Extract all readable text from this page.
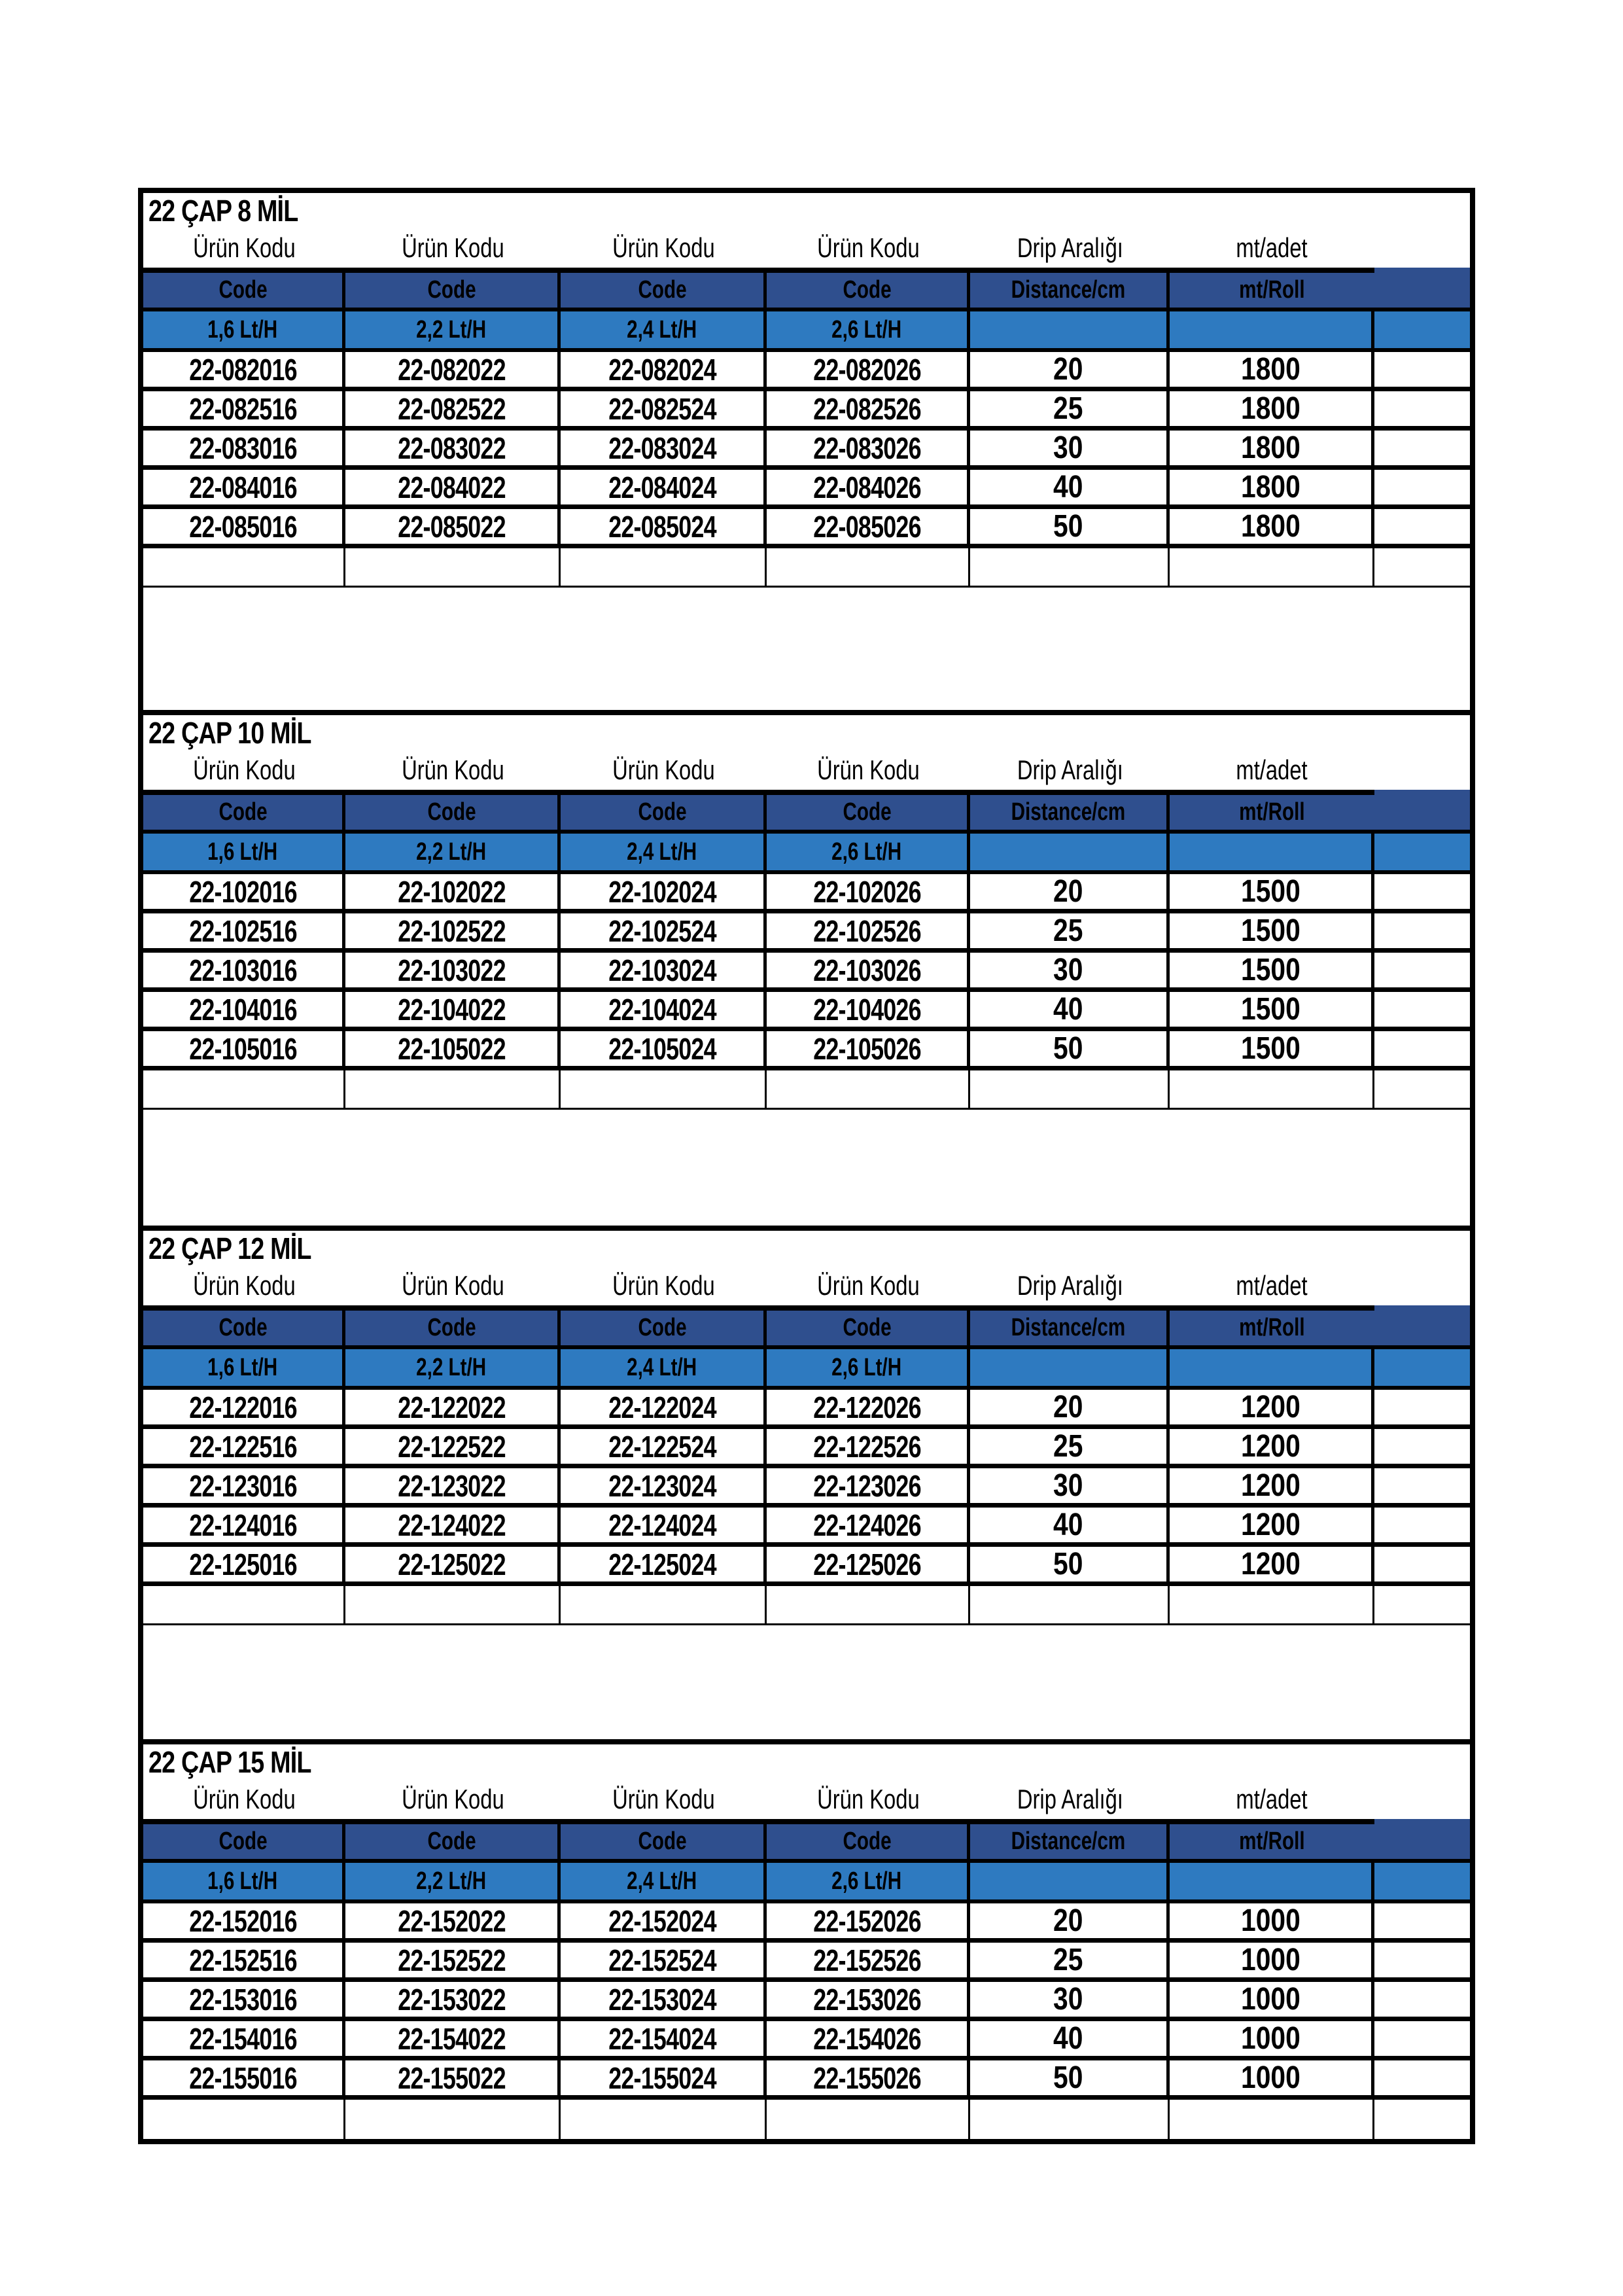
22 ÇAP 8 MİL
Ürün Kodu	Ürün Kodu	Ürün Kodu	Ürün Kodu	Drip Aralığı	mt/adet
Code	Code	Code	Code	Distance/cm	mt/Roll
1,6 Lt/H	2,2 Lt/H	2,4 Lt/H	2,6 Lt/H
22-082016	22-082022	22-082024	22-082026	20	1800
22-082516	22-082522	22-082524	22-082526	25	1800
22-083016	22-083022	22-083024	22-083026	30	1800
22-084016	22-084022	22-084024	22-084026	40	1800
22-085016	22-085022	22-085024	22-085026	50	1800
22 ÇAP 10 MİL
Ürün Kodu	Ürün Kodu	Ürün Kodu	Ürün Kodu	Drip Aralığı	mt/adet
Code	Code	Code	Code	Distance/cm	mt/Roll
1,6 Lt/H	2,2 Lt/H	2,4 Lt/H	2,6 Lt/H
22-102016	22-102022	22-102024	22-102026	20	1500
22-102516	22-102522	22-102524	22-102526	25	1500
22-103016	22-103022	22-103024	22-103026	30	1500
22-104016	22-104022	22-104024	22-104026	40	1500
22-105016	22-105022	22-105024	22-105026	50	1500
22 ÇAP 12 MİL
Ürün Kodu	Ürün Kodu	Ürün Kodu	Ürün Kodu	Drip Aralığı	mt/adet
Code	Code	Code	Code	Distance/cm	mt/Roll
1,6 Lt/H	2,2 Lt/H	2,4 Lt/H	2,6 Lt/H
22-122016	22-122022	22-122024	22-122026	20	1200
22-122516	22-122522	22-122524	22-122526	25	1200
22-123016	22-123022	22-123024	22-123026	30	1200
22-124016	22-124022	22-124024	22-124026	40	1200
22-125016	22-125022	22-125024	22-125026	50	1200
22 ÇAP 15 MİL
Ürün Kodu	Ürün Kodu	Ürün Kodu	Ürün Kodu	Drip Aralığı	mt/adet
Code	Code	Code	Code	Distance/cm	mt/Roll
1,6 Lt/H	2,2 Lt/H	2,4 Lt/H	2,6 Lt/H
22-152016	22-152022	22-152024	22-152026	20	1000
22-152516	22-152522	22-152524	22-152526	25	1000
22-153016	22-153022	22-153024	22-153026	30	1000
22-154016	22-154022	22-154024	22-154026	40	1000
22-155016	22-155022	22-155024	22-155026	50	1000
